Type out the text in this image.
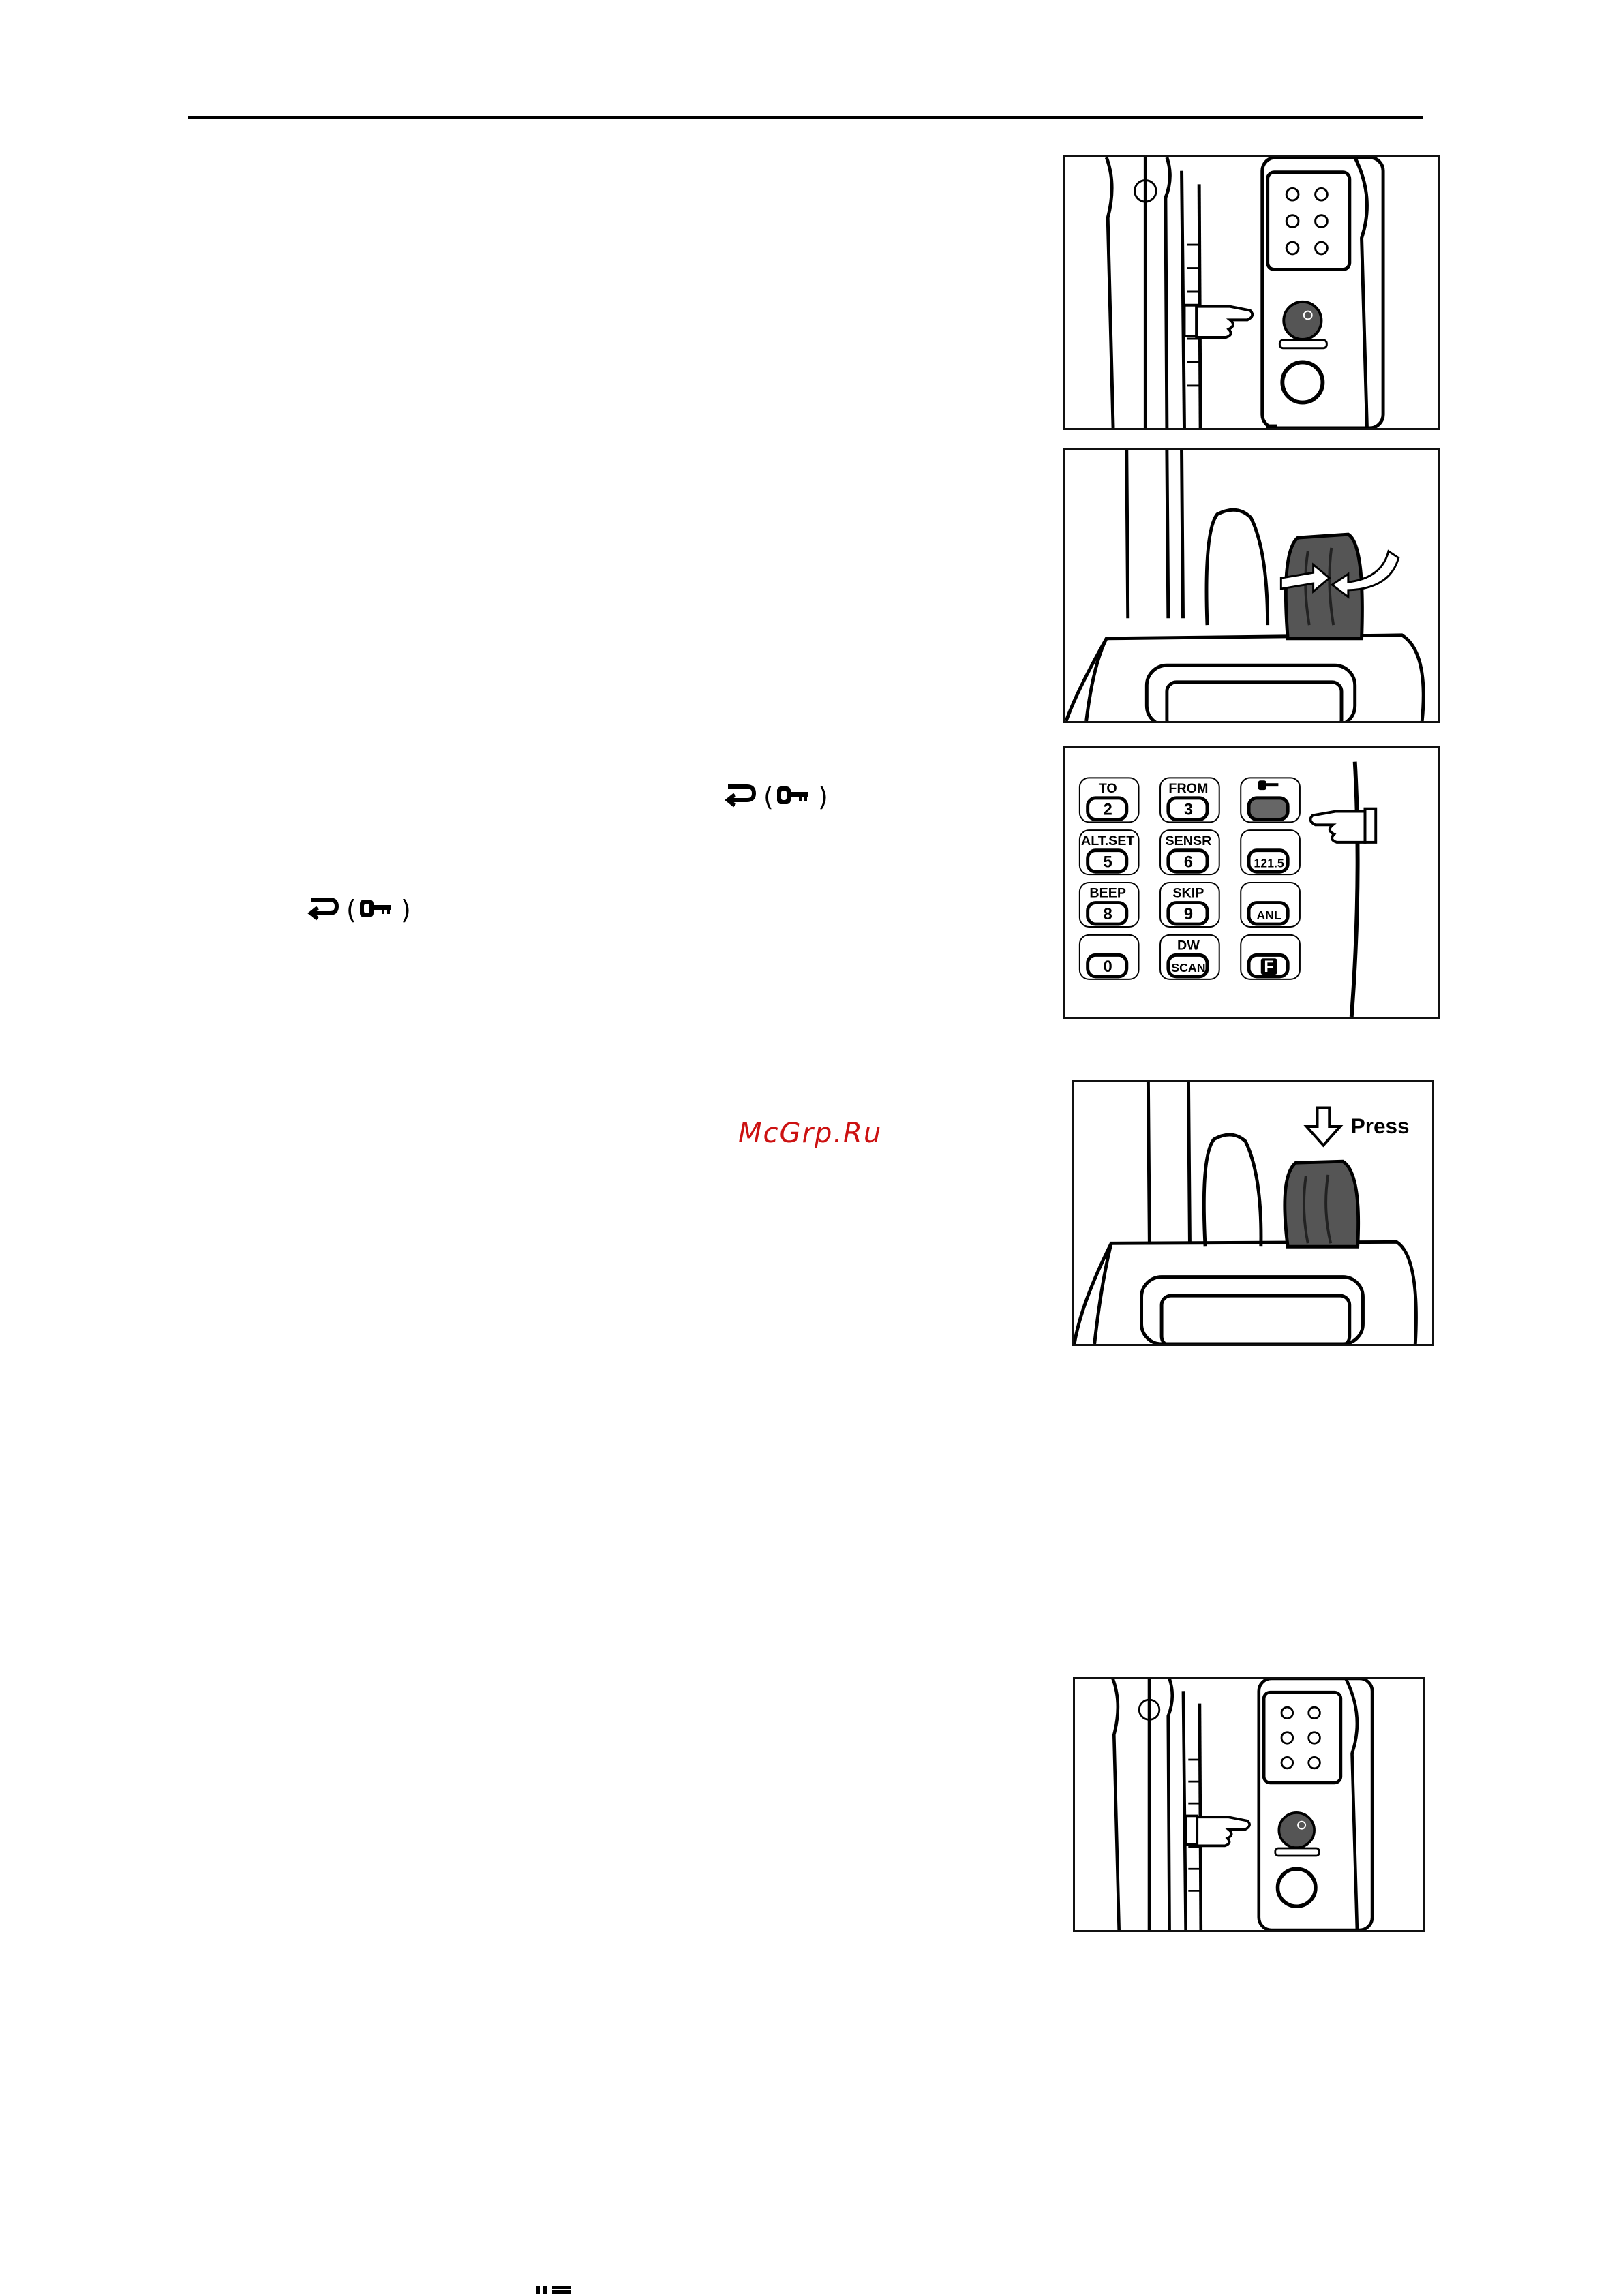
TO
2
FROM
3
ALT.SET
5
SENSR
6	121.5
BEEP
8
SKIP
9	ANL
0
DW
SCAN	F
Press
( )
( )
McGrp.Ru
